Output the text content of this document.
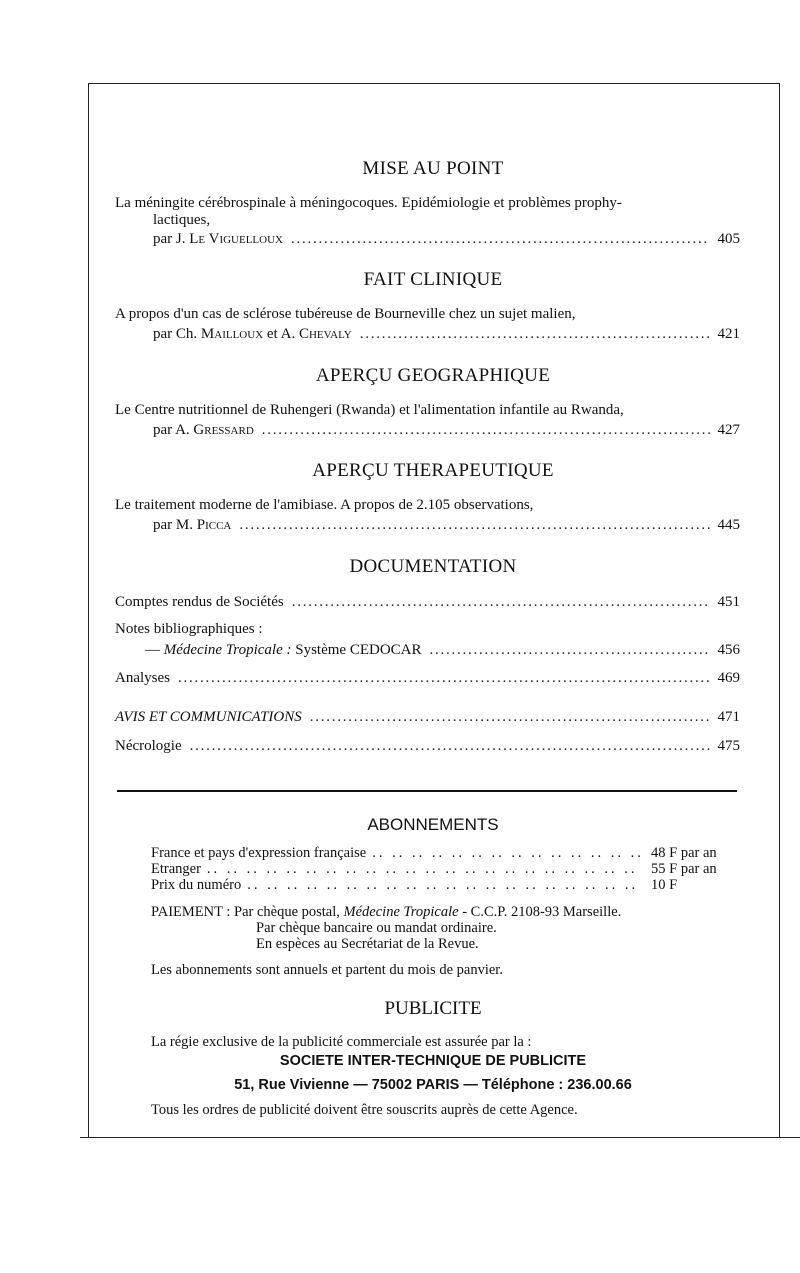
MISE AU POINT
La méningite cérébrospinale à méningocoques. Epidémiologie et problèmes prophy-
lactiques,
par J. Le Viguelloux . . .	405
FAIT CLINIQUE
A propos d'un cas de sclérose tubéreuse de Bourneville chez un sujet malien,
par Ch. Mailloux et A. Chevaly . . .	421
APERÇU GEOGRAPHIQUE
Le Centre nutritionnel de Ruhengeri (Rwanda) et l'alimentation infantile au Rwanda,
par A. Gressard . . .	427
APERÇU THERAPEUTIQUE
Le traitement moderne de l'amibiase. A propos de 2.105 observations,
par M. Picca . . .	445
DOCUMENTATION
Comptes rendus de Sociétés . . .	451
Notes bibliographiques :
— Médecine Tropicale : Système CEDOCAR . . .	456
Analyses . . .	469
AVIS ET COMMUNICATIONS . . .	471
Nécrologie . . .	475
ABONNEMENTS
France et pays d'expression française .. ..	48 F par an
Etranger .. ..	55 F par an
Prix du numéro .. ..	10 F
PAIEMENT : Par chèque postal, Médecine Tropicale - C.C.P. 2108-93 Marseille.
Par chèque bancaire ou mandat ordinaire.
En espèces au Secrétariat de la Revue.
Les abonnements sont annuels et partent du mois de panvier.
PUBLICITE
La régie exclusive de la publicité commerciale est assurée par la :
SOCIETE INTER-TECHNIQUE DE PUBLICITE
51, Rue Vivienne — 75002 PARIS — Téléphone : 236.00.66
Tous les ordres de publicité doivent être souscrits auprès de cette Agence.
